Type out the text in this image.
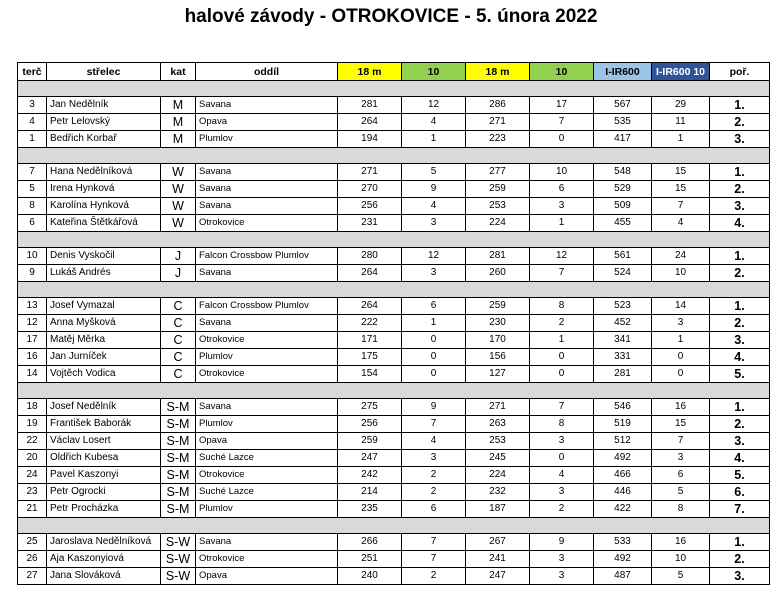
halové závody - OTROKOVICE - 5. února 2022
terč	střelec	kat	oddíl	18 m	10	18 m	10	I-IR600	I-IR600 10	poř.

3	Jan Nedělník	M	Savana	281	12	286	17	567	29	1.
4	Petr Lelovský	M	Opava	264	4	271	7	535	11	2.
1	Bedřich Korbař	M	Plumlov	194	1	223	0	417	1	3.

7	Hana Nedělníková	W	Savana	271	5	277	10	548	15	1.
5	Irena Hynková	W	Savana	270	9	259	6	529	15	2.
8	Karolína Hynková	W	Savana	256	4	253	3	509	7	3.
6	Kateřina Štětkářová	W	Otrokovice	231	3	224	1	455	4	4.

10	Denis Vyskočil	J	Falcon Crossbow Plumlov	280	12	281	12	561	24	1.
9	Lukáš Andrés	J	Savana	264	3	260	7	524	10	2.

13	Josef Vymazal	C	Falcon Crossbow Plumlov	264	6	259	8	523	14	1.
12	Anna Myšková	C	Savana	222	1	230	2	452	3	2.
17	Matěj Měrka	C	Otrokovice	171	0	170	1	341	1	3.
16	Jan Jurníček	C	Plumlov	175	0	156	0	331	0	4.
14	Vojtěch Vodica	C	Otrokovice	154	0	127	0	281	0	5.

18	Josef Nedělník	S-M	Savana	275	9	271	7	546	16	1.
19	František Baborák	S-M	Plumlov	256	7	263	8	519	15	2.
22	Václav Losert	S-M	Opava	259	4	253	3	512	7	3.
20	Oldřich Kubesa	S-M	Suché Lazce	247	3	245	0	492	3	4.
24	Pavel Kaszonyi	S-M	Otrokovice	242	2	224	4	466	6	5.
23	Petr Ogrocki	S-M	Suché Lazce	214	2	232	3	446	5	6.
21	Petr Procházka	S-M	Plumlov	235	6	187	2	422	8	7.

25	Jaroslava Nedělníková	S-W	Savana	266	7	267	9	533	16	1.
26	Aja Kaszonyiová	S-W	Otrokovice	251	7	241	3	492	10	2.
27	Jana Slováková	S-W	Opava	240	2	247	3	487	5	3.
